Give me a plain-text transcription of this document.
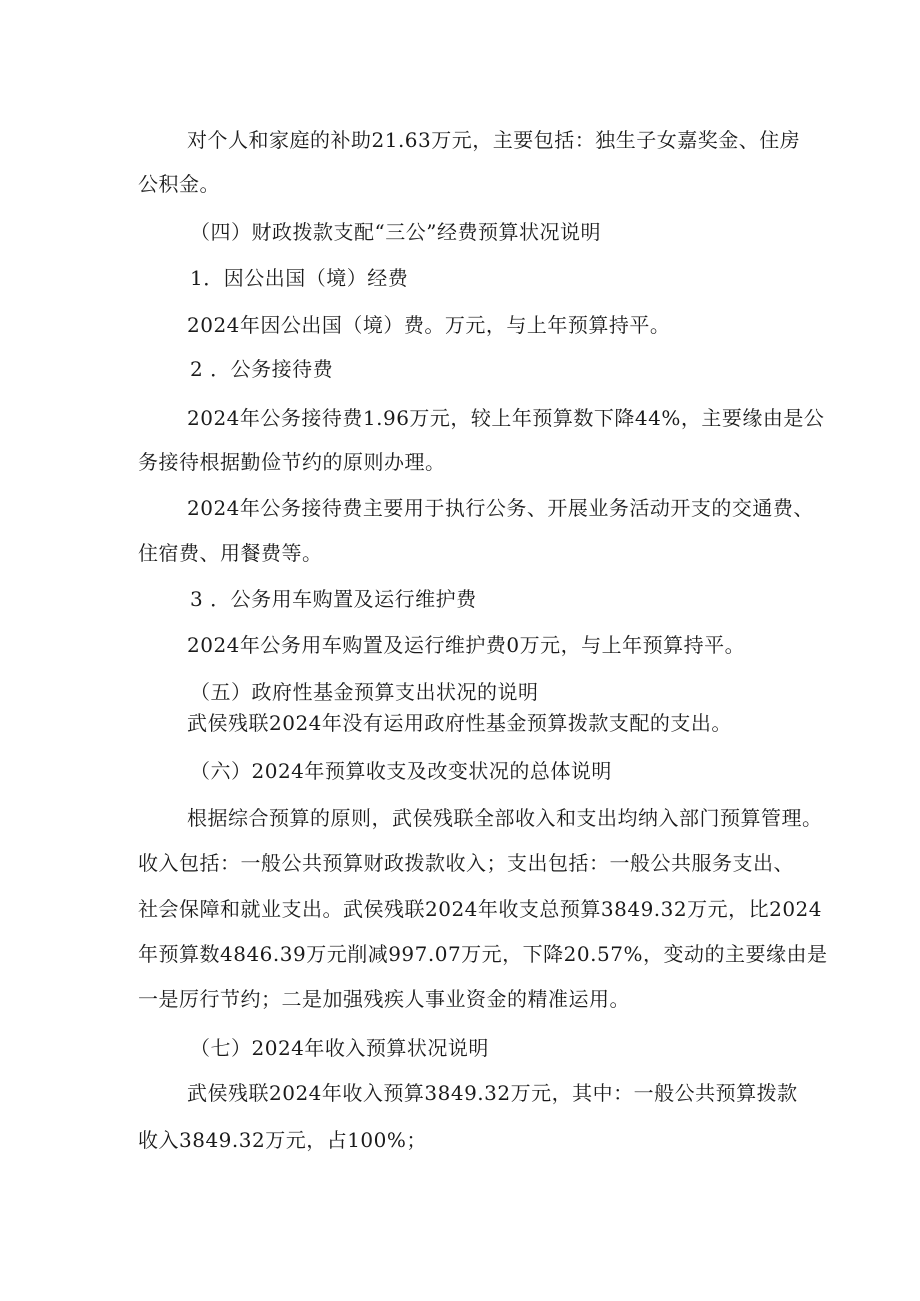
对个人和家庭的补助21.63万元，主要包括：独生子女嘉奖金、住房
公积金。
（四）财政拨款支配“三公”经费预算状况说明
1．因公出国（境）经费
2024年因公出国（境）费。万元，与上年预算持平。
2 ．公务接待费
2024年公务接待费1.96万元，较上年预算数下降44%，主要缘由是公
务接待根据勤俭节约的原则办理。
2024年公务接待费主要用于执行公务、开展业务活动开支的交通费、
住宿费、用餐费等。
3 ．公务用车购置及运行维护费
2024年公务用车购置及运行维护费0万元，与上年预算持平。
（五）政府性基金预算支出状况的说明
武侯残联2024年没有运用政府性基金预算拨款支配的支出。
（六）2024年预算收支及改变状况的总体说明
根据综合预算的原则，武侯残联全部收入和支出均纳入部门预算管理。
收入包括：一般公共预算财政拨款收入；支出包括：一般公共服务支出、
社会保障和就业支出。武侯残联2024年收支总预算3849.32万元，比2024
年预算数4846.39万元削减997.07万元，下降20.57%，变动的主要缘由是
一是厉行节约；二是加强残疾人事业资金的精准运用。
（七）2024年收入预算状况说明
武侯残联2024年收入预算3849.32万元，其中：一般公共预算拨款
收入3849.32万元，占100%；
